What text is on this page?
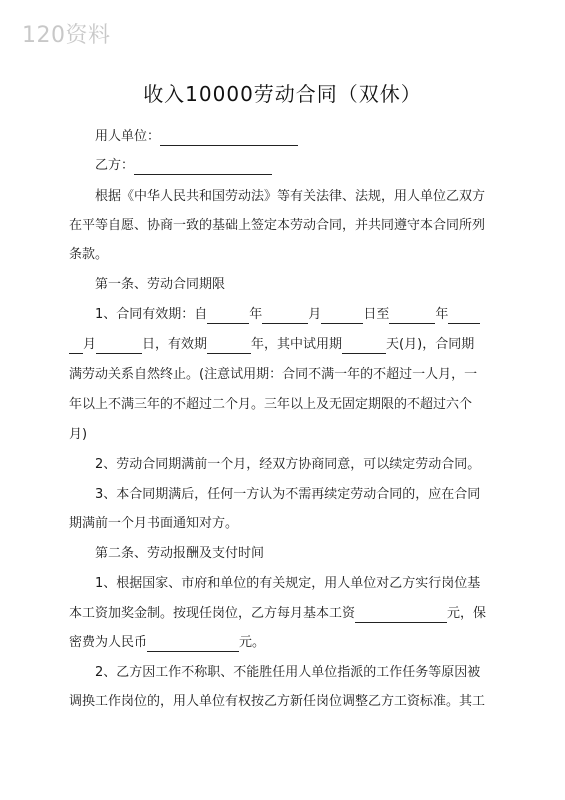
120资料
收入10000劳动合同（双休）
用人单位：
乙方：
根据《中华人民共和国劳动法》等有关法律、法规，用人单位乙双方
在平等自愿、协商一致的基础上签定本劳动合同，并共同遵守本合同所列
条款。
第一条、劳动合同期限
1、合同有效期：自	年	月	日至	年
月	日，有效期	年，其中试用期	天(月)，合同期
满劳动关系自然终止。(注意试用期：合同不满一年的不超过一人月，一
年以上不满三年的不超过二个月。三年以上及无固定期限的不超过六个
月)
2、劳动合同期满前一个月，经双方协商同意，可以续定劳动合同。
3、本合同期满后，任何一方认为不需再续定劳动合同的，应在合同
期满前一个月书面通知对方。
第二条、劳动报酬及支付时间
1、根据国家、市府和单位的有关规定，用人单位对乙方实行岗位基
本工资加奖金制。按现任岗位，乙方每月基本工资	元，保
密费为人民币	元。
2、乙方因工作不称职、不能胜任用人单位指派的工作任务等原因被
调换工作岗位的，用人单位有权按乙方新任岗位调整乙方工资标准。其工
